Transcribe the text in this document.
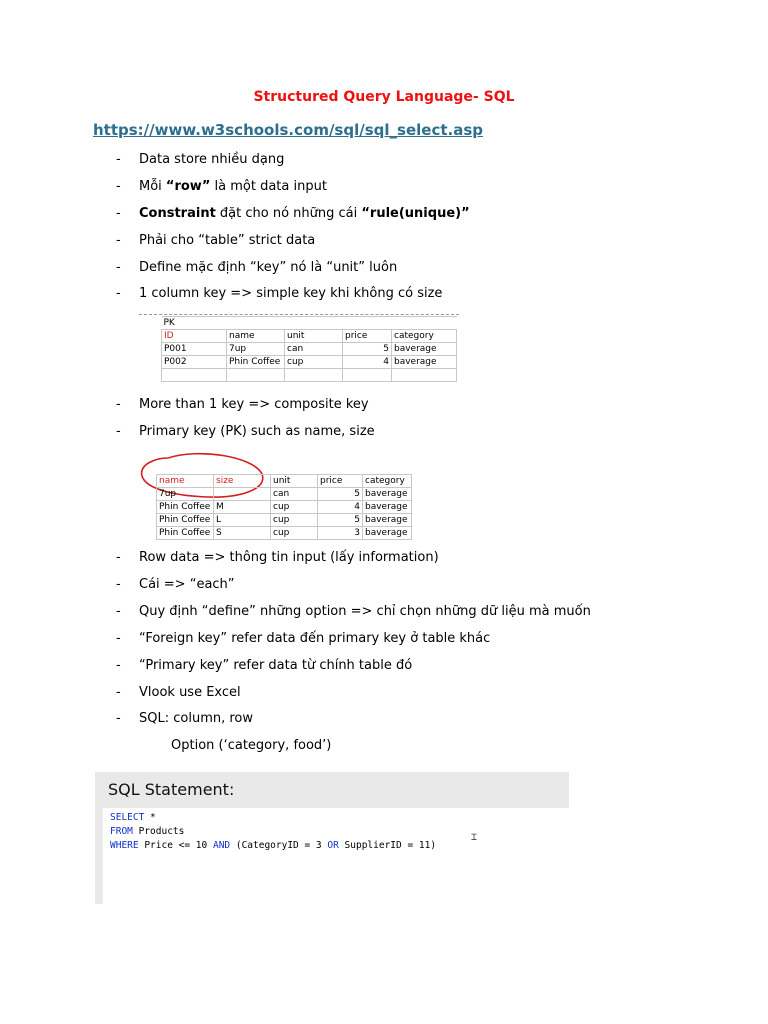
Structured Query Language- SQL
https://www.w3schools.com/sql/sql_select.asp
- Data store nhiều dạng
- Mỗi “row” là một data input
- Constraint đặt cho nó những cái “rule(unique)”
- Phải cho “table” strict data
- Define mặc định “key” nó là “unit” luôn
- 1 column key => simple key khi không có size
PK				
ID	name	unit	price	category
P001	7up	can	5	baverage
P002	Phin Coffee	cup	4	baverage

- More than 1 key => composite key
- Primary key (PK) such as name, size
name	size	unit	price	category
7up		can	5	baverage
Phin Coffee	M	cup	4	baverage
Phin Coffee	L	cup	5	baverage
Phin Coffee	S	cup	3	baverage
- Row data => thông tin input (lấy information)
- Cái => “each”
- Quy định “define” những option => chỉ chọn những dữ liệu mà muốn
- “Foreign key” refer data đến primary key ở table khác
- “Primary key” refer data từ chính table đó
- Vlook use Excel
- SQL: column, row
Option (‘category, food’)
SQL Statement:
SELECT *
FROM Products
WHERE Price <= 10 AND (CategoryID = 3 OR SupplierID = 11)
⌶
